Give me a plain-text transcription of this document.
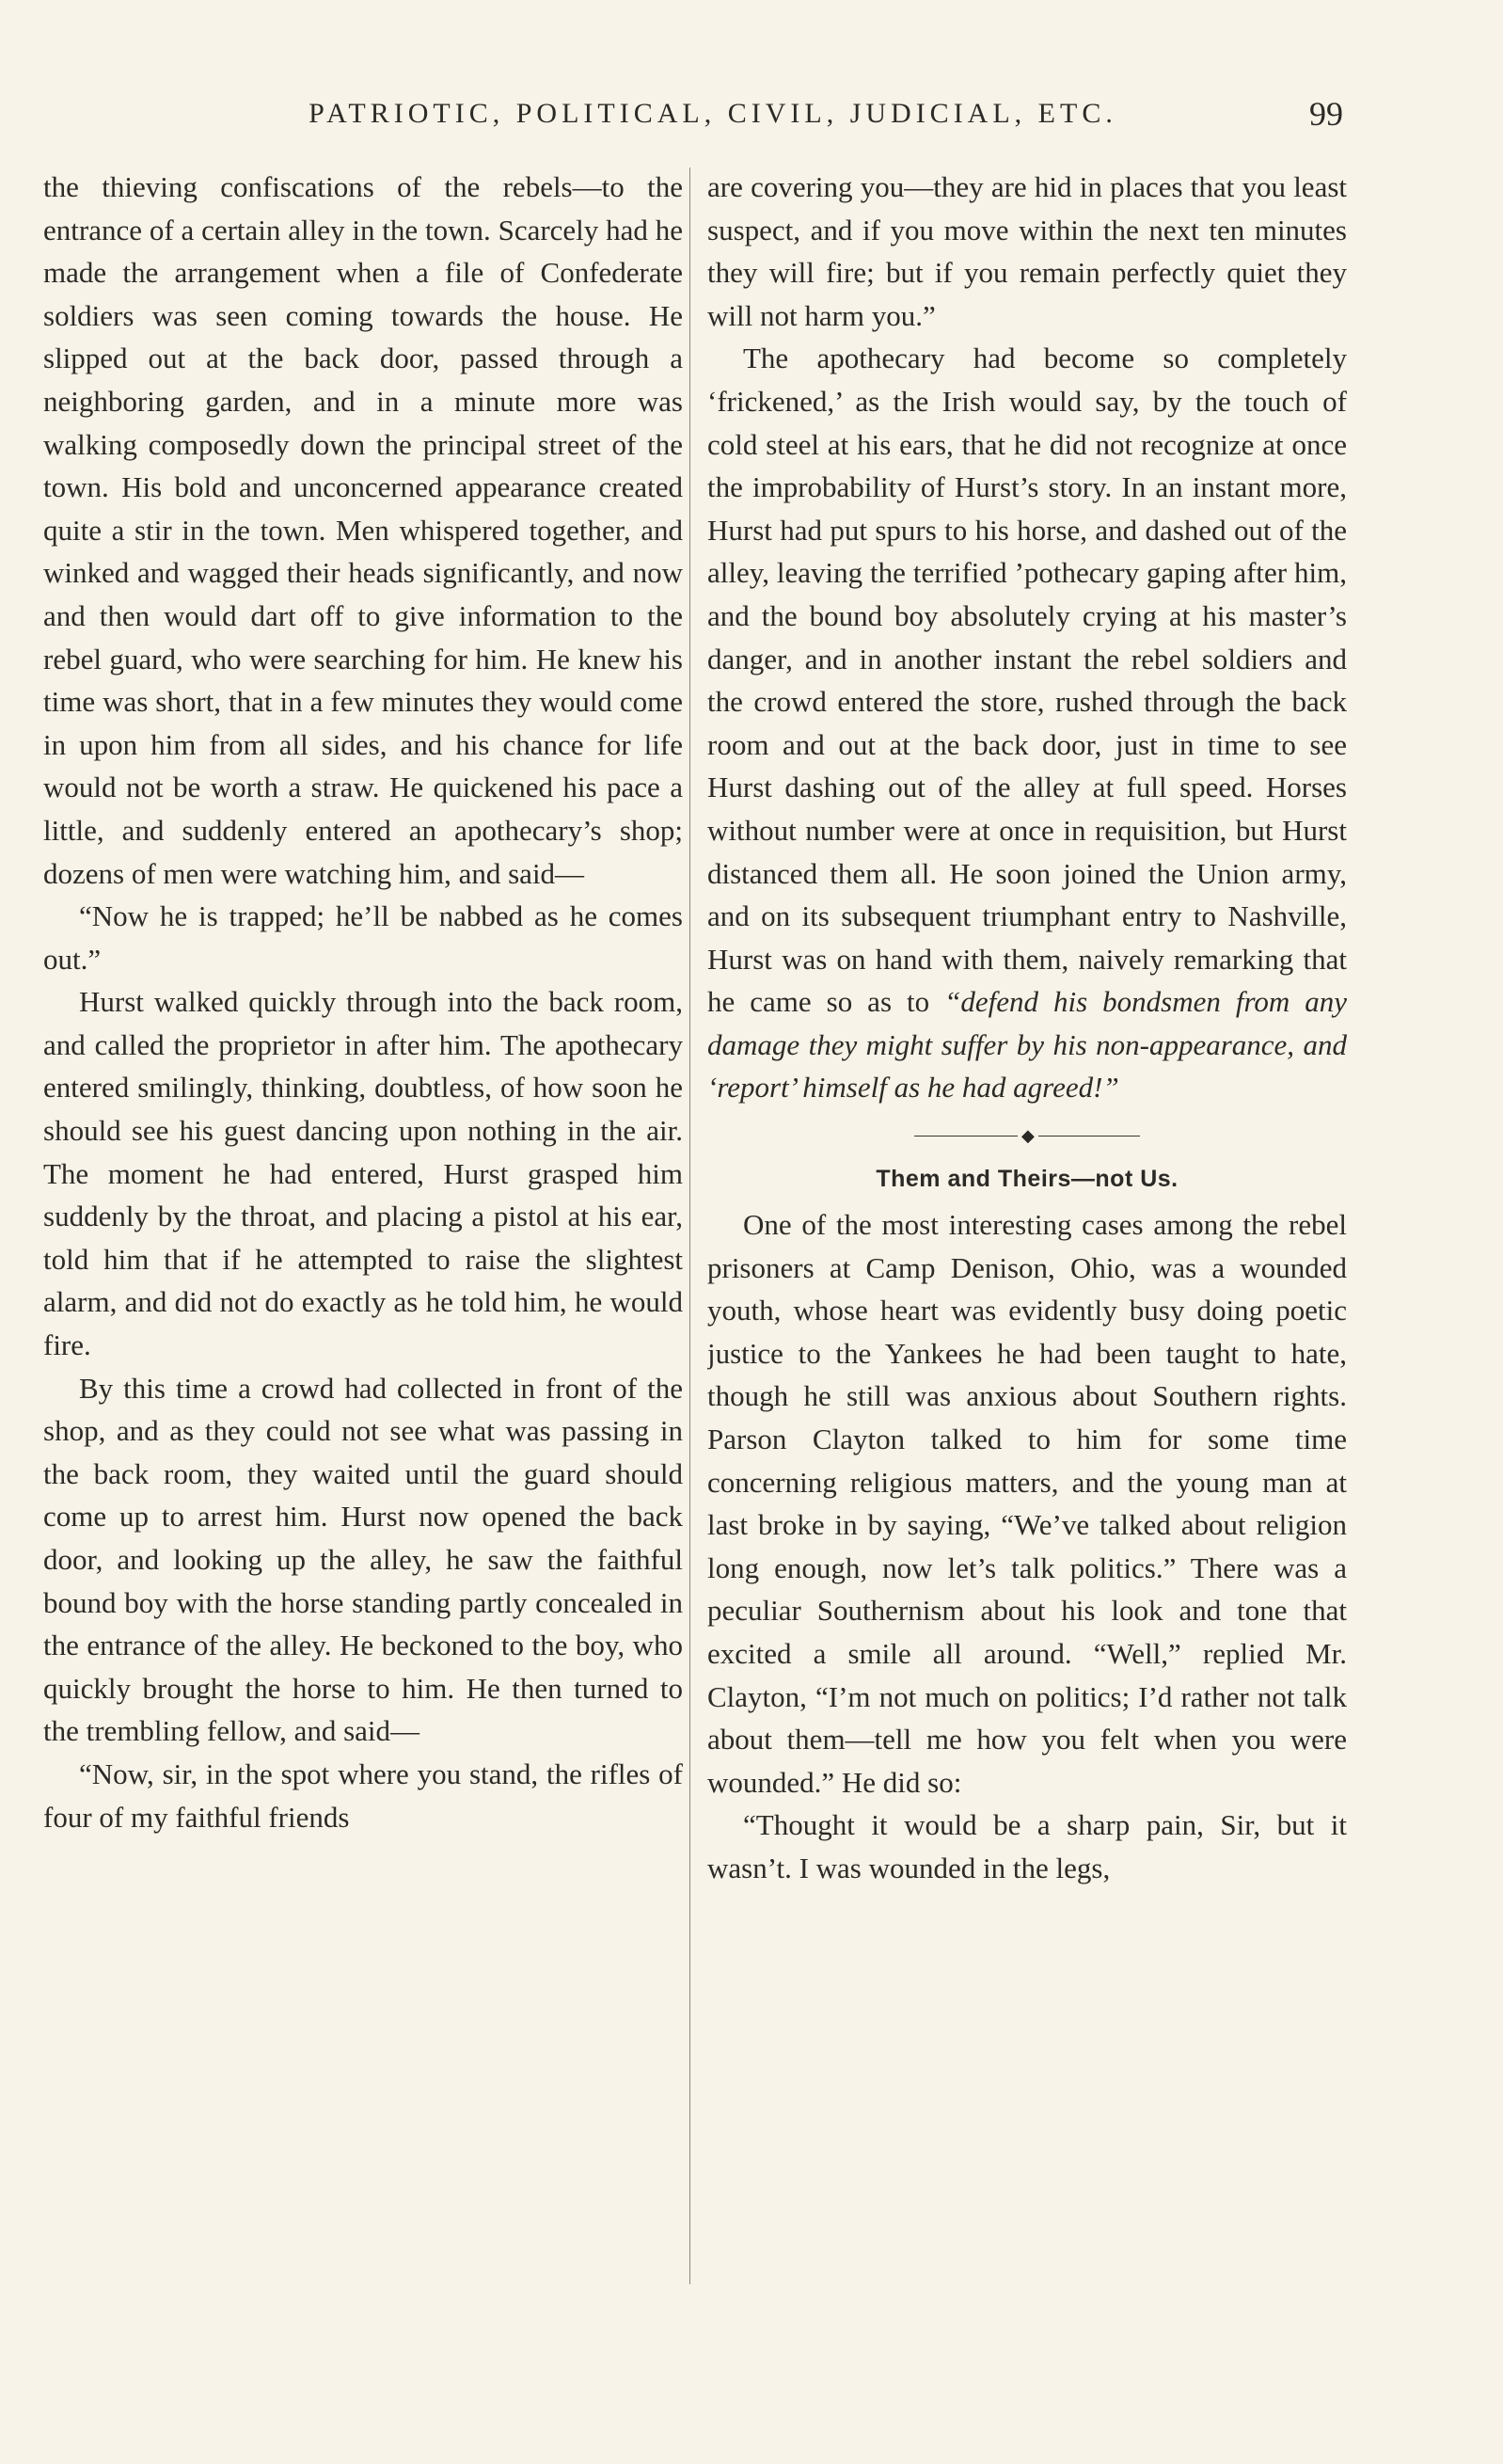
PATRIOTIC, POLITICAL, CIVIL, JUDICIAL, ETC.	99

the thieving confiscations of the rebels—to the entrance of a certain alley in the town. Scarcely had he made the arrangement when a file of Confederate soldiers was seen coming towards the house. He slipped out at the back door, passed through a neighboring garden, and in a minute more was walking composedly down the principal street of the town. His bold and unconcerned appearance created quite a stir in the town. Men whispered together, and winked and wagged their heads significantly, and now and then would dart off to give information to the rebel guard, who were searching for him. He knew his time was short, that in a few minutes they would come in upon him from all sides, and his chance for life would not be worth a straw. He quickened his pace a little, and suddenly entered an apothecary’s shop; dozens of men were watching him, and said—

“Now he is trapped; he’ll be nabbed as he comes out.”

Hurst walked quickly through into the back room, and called the proprietor in after him. The apothecary entered smilingly, thinking, doubtless, of how soon he should see his guest dancing upon nothing in the air. The moment he had entered, Hurst grasped him suddenly by the throat, and placing a pistol at his ear, told him that if he attempted to raise the slightest alarm, and did not do exactly as he told him, he would fire.

By this time a crowd had collected in front of the shop, and as they could not see what was passing in the back room, they waited until the guard should come up to arrest him. Hurst now opened the back door, and looking up the alley, he saw the faithful bound boy with the horse standing partly concealed in the entrance of the alley. He beckoned to the boy, who quickly brought the horse to him. He then turned to the trembling fellow, and said—

“Now, sir, in the spot where you stand, the rifles of four of my faithful friends

are covering you—they are hid in places that you least suspect, and if you move within the next ten minutes they will fire; but if you remain perfectly quiet they will not harm you.”

The apothecary had become so completely ‘frickened,’ as the Irish would say, by the touch of cold steel at his ears, that he did not recognize at once the improbability of Hurst’s story. In an instant more, Hurst had put spurs to his horse, and dashed out of the alley, leaving the terrified ’pothecary gaping after him, and the bound boy absolutely crying at his master’s danger, and in another instant the rebel soldiers and the crowd entered the store, rushed through the back room and out at the back door, just in time to see Hurst dashing out of the alley at full speed. Horses without number were at once in requisition, but Hurst distanced them all. He soon joined the Union army, and on its subsequent triumphant entry to Nashville, Hurst was on hand with them, naively remarking that he came so as to “defend his bondsmen from any damage they might suffer by his non-appearance, and ‘report’ himself as he had agreed!”

◆
Them and Theirs—not Us.

One of the most interesting cases among the rebel prisoners at Camp Denison, Ohio, was a wounded youth, whose heart was evidently busy doing poetic justice to the Yankees he had been taught to hate, though he still was anxious about Southern rights. Parson Clayton talked to him for some time concerning religious matters, and the young man at last broke in by saying, “We’ve talked about religion long enough, now let’s talk politics.” There was a peculiar Southernism about his look and tone that excited a smile all around. “Well,” replied Mr. Clayton, “I’m not much on politics; I’d rather not talk about them—tell me how you felt when you were wounded.” He did so:

“Thought it would be a sharp pain, Sir, but it wasn’t. I was wounded in the legs,
